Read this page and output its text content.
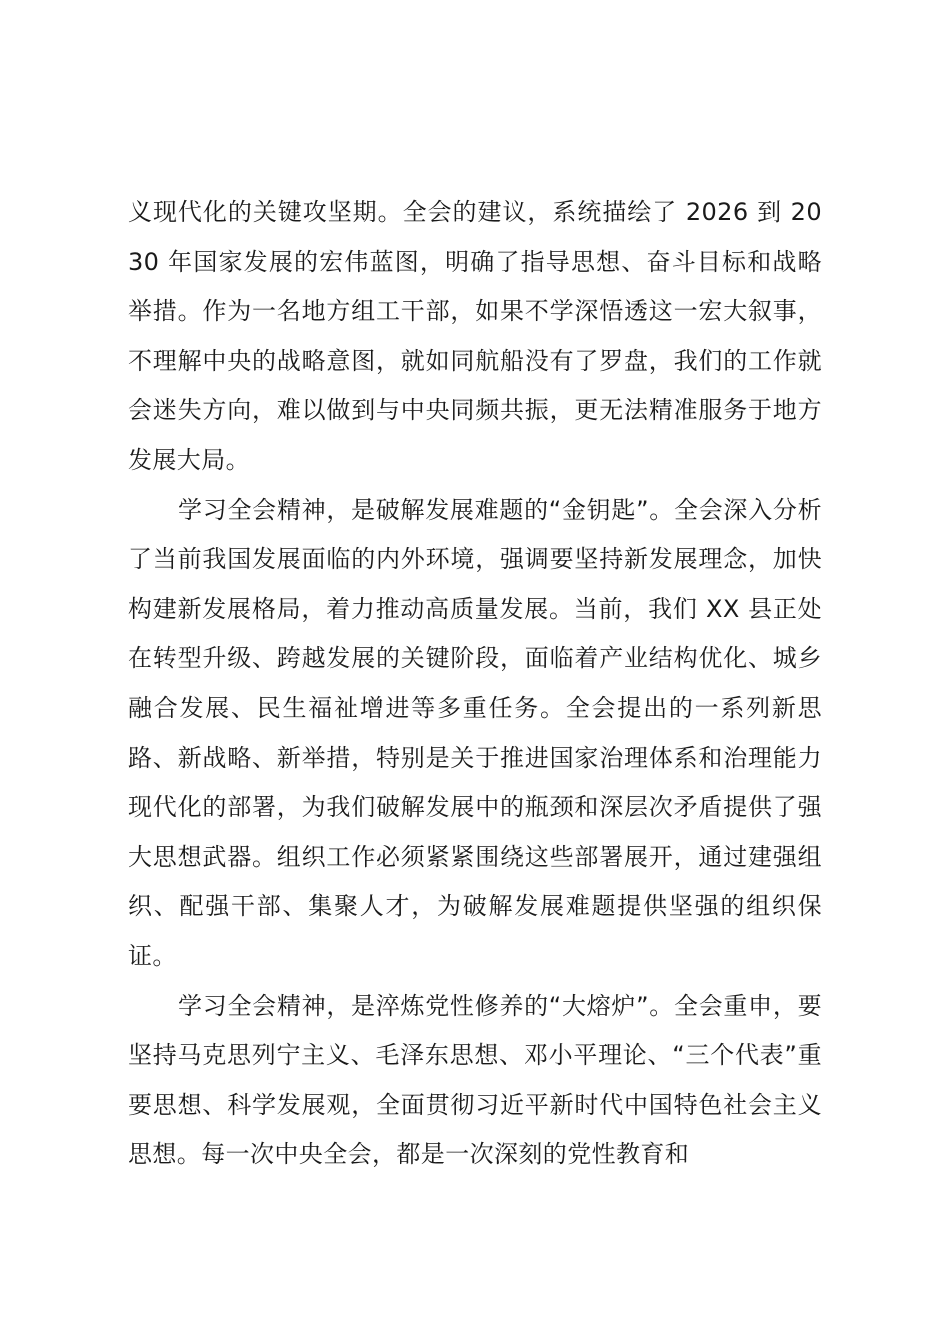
义现代化的关键攻坚期。全会的建议，系统描绘了 2026 到 2030 年国家发展的宏伟蓝图，明确了指导思想、奋斗目标和战略举措。作为一名地方组工干部，如果不学深悟透这一宏大叙事，不理解中央的战略意图，就如同航船没有了罗盘，我们的工作就会迷失方向，难以做到与中央同频共振，更无法精准服务于地方发展大局。

学习全会精神，是破解发展难题的“金钥匙”。全会深入分析了当前我国发展面临的内外环境，强调要坚持新发展理念，加快构建新发展格局，着力推动高质量发展。当前，我们 XX 县正处在转型升级、跨越发展的关键阶段，面临着产业结构优化、城乡融合发展、民生福祉增进等多重任务。全会提出的一系列新思路、新战略、新举措，特别是关于推进国家治理体系和治理能力现代化的部署，为我们破解发展中的瓶颈和深层次矛盾提供了强大思想武器。组织工作必须紧紧围绕这些部署展开，通过建强组织、配强干部、集聚人才，为破解发展难题提供坚强的组织保证。

学习全会精神，是淬炼党性修养的“大熔炉”。全会重申，要坚持马克思列宁主义、毛泽东思想、邓小平理论、“三个代表”重要思想、科学发展观，全面贯彻习近平新时代中国特色社会主义思想。每一次中央全会，都是一次深刻的党性教育和
